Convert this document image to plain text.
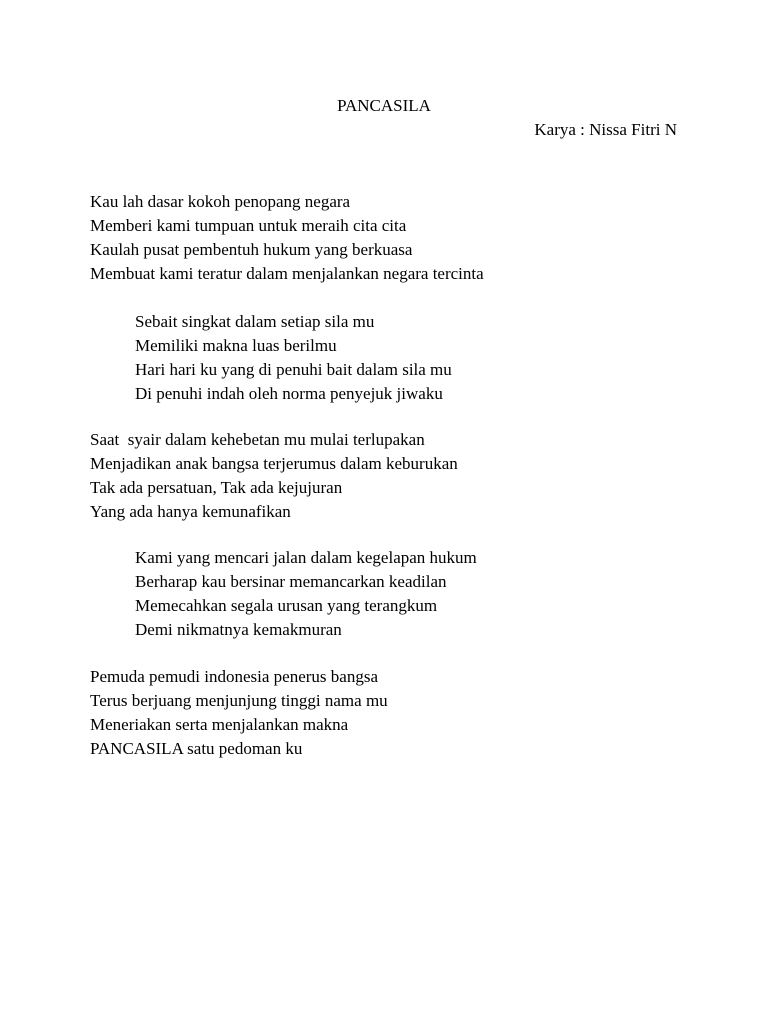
PANCASILA
Karya : Nissa Fitri N

Kau lah dasar kokoh penopang negara

Memberi kami tumpuan untuk meraih cita cita

Kaulah pusat pembentuh hukum yang berkuasa

Membuat kami teratur dalam menjalankan negara tercinta

Sebait singkat dalam setiap sila mu

Memiliki makna luas berilmu

Hari hari ku yang di penuhi bait dalam sila mu

Di penuhi indah oleh norma penyejuk jiwaku

Saat  syair dalam kehebetan mu mulai terlupakan

Menjadikan anak bangsa terjerumus dalam keburukan

Tak ada persatuan, Tak ada kejujuran

Yang ada hanya kemunafikan

Kami yang mencari jalan dalam kegelapan hukum

Berharap kau bersinar memancarkan keadilan

Memecahkan segala urusan yang terangkum

Demi nikmatnya kemakmuran

Pemuda pemudi indonesia penerus bangsa

Terus berjuang menjunjung tinggi nama mu

Meneriakan serta menjalankan makna

PANCASILA satu pedoman ku
